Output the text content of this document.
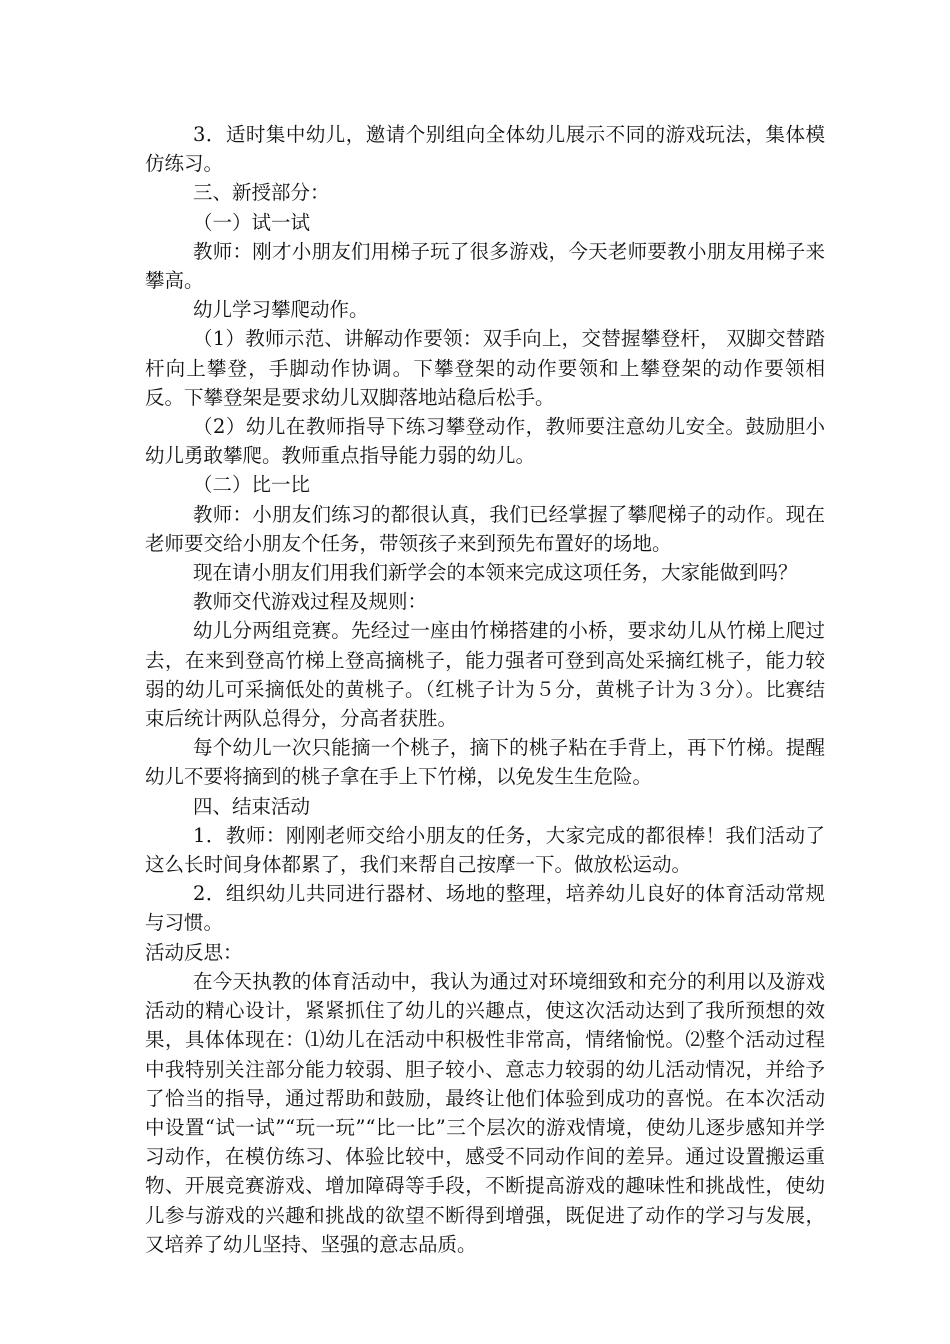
3．适时集中幼儿，邀请个别组向全体幼儿展示不同的游戏玩法，集体模仿练习。

三、新授部分：

（一）试一试

教师：刚才小朋友们用梯子玩了很多游戏，今天老师要教小朋友用梯子来攀高。

幼儿学习攀爬动作。

（1）教师示范、讲解动作要领：双手向上，交替握攀登杆， 双脚交替踏杆向上攀登，手脚动作协调。下攀登架的动作要领和上攀登架的动作要领相反。下攀登架是要求幼儿双脚落地站稳后松手。

（2）幼儿在教师指导下练习攀登动作，教师要注意幼儿安全。鼓励胆小幼儿勇敢攀爬。教师重点指导能力弱的幼儿。

（二）比一比

教师：小朋友们练习的都很认真，我们已经掌握了攀爬梯子的动作。现在老师要交给小朋友个任务，带领孩子来到预先布置好的场地。

现在请小朋友们用我们新学会的本领来完成这项任务，大家能做到吗？

教师交代游戏过程及规则：

幼儿分两组竞赛。先经过一座由竹梯搭建的小桥，要求幼儿从竹梯上爬过去，在来到登高竹梯上登高摘桃子，能力强者可登到高处采摘红桃子，能力较弱的幼儿可采摘低处的黄桃子。（红桃子计为５分，黄桃子计为３分）。比赛结束后统计两队总得分，分高者获胜。

每个幼儿一次只能摘一个桃子，摘下的桃子粘在手背上，再下竹梯。提醒幼儿不要将摘到的桃子拿在手上下竹梯，以免发生生危险。

四、结束活动

1．教师：刚刚老师交给小朋友的任务，大家完成的都很棒！我们活动了这么长时间身体都累了，我们来帮自己按摩一下。做放松运动。

2．组织幼儿共同进行器材、场地的整理，培养幼儿良好的体育活动常规与习惯。

活动反思：

在今天执教的体育活动中，我认为通过对环境细致和充分的利用以及游戏活动的精心设计，紧紧抓住了幼儿的兴趣点，使这次活动达到了我所预想的效果，具体体现在：⑴幼儿在活动中积极性非常高，情绪愉悦。⑵整个活动过程中我特别关注部分能力较弱、胆子较小、意志力较弱的幼儿活动情况，并给予了恰当的指导，通过帮助和鼓励，最终让他们体验到成功的喜悦。在本次活动中设置“试一试”“玩一玩”“比一比”三个层次的游戏情境，使幼儿逐步感知并学习动作，在模仿练习、体验比较中，感受不同动作间的差异。通过设置搬运重物、开展竞赛游戏、增加障碍等手段，不断提高游戏的趣味性和挑战性，使幼儿参与游戏的兴趣和挑战的欲望不断得到增强，既促进了动作的学习与发展，又培养了幼儿坚持、坚强的意志品质。
